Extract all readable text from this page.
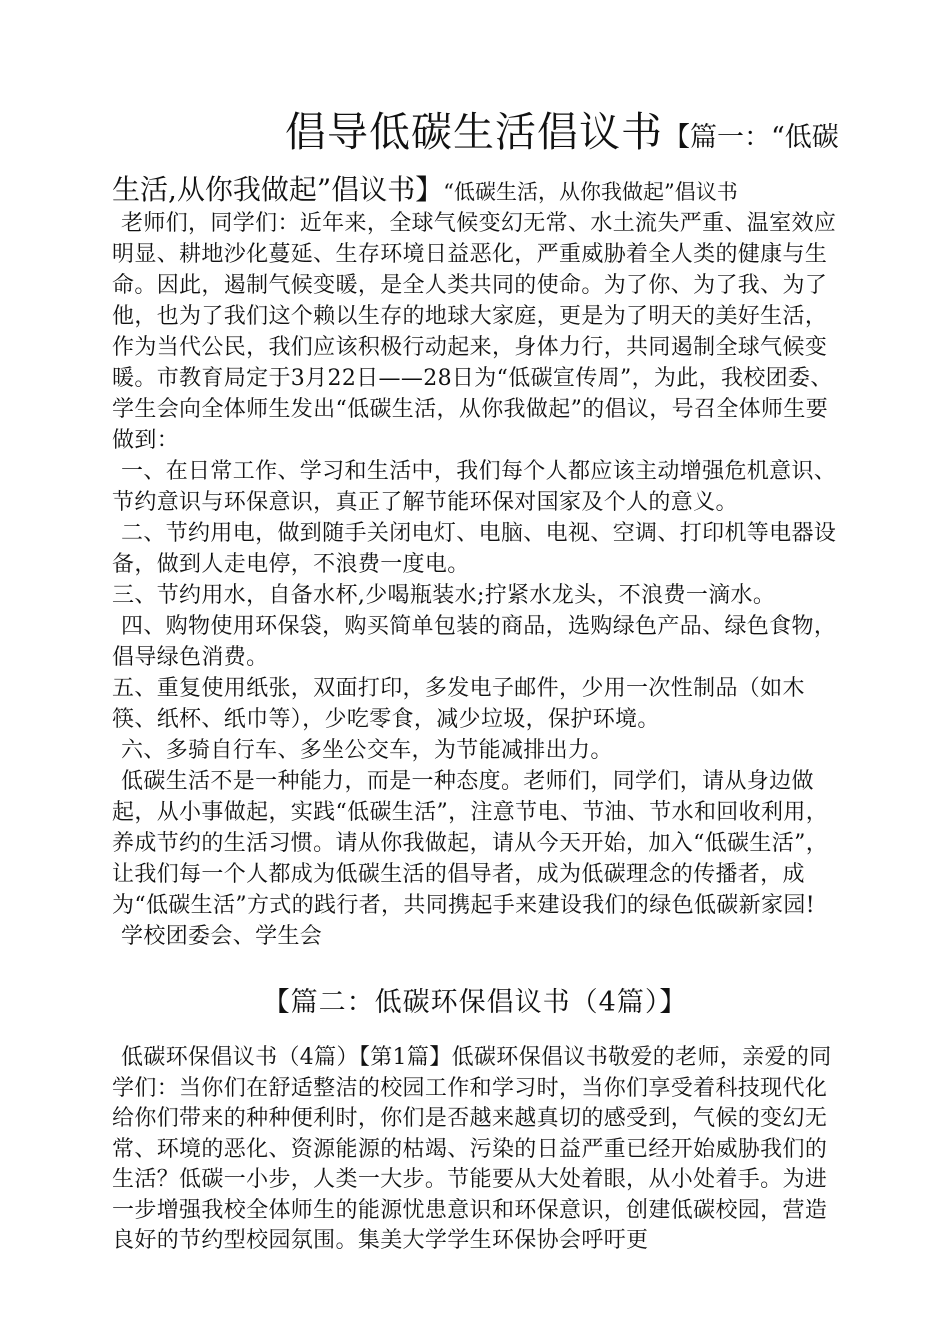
倡导低碳生活倡议书【篇一：“低碳
生活,从你我做起”倡议书】“低碳生活，从你我做起”倡议书

老师们，同学们：近年来，全球气候变幻无常、水土流失严重、温室效应明显、耕地沙化蔓延、生存环境日益恶化，严重威胁着全人类的健康与生命。因此，遏制气候变暖，是全人类共同的使命。为了你、为了我、为了他，也为了我们这个赖以生存的地球大家庭，更是为了明天的美好生活，作为当代公民，我们应该积极行动起来，身体力行，共同遏制全球气候变暖。市教育局定于3月22日——28日为“低碳宣传周”，为此，我校团委、学生会向全体师生发出“低碳生活，从你我做起”的倡议，号召全体师生要做到：

一、在日常工作、学习和生活中，我们每个人都应该主动增强危机意识、节约意识与环保意识，真正了解节能环保对国家及个人的意义。

二、节约用电，做到随手关闭电灯、电脑、电视、空调、打印机等电器设备，做到人走电停，不浪费一度电。

三、节约用水，自备水杯,少喝瓶装水;拧紧水龙头，不浪费一滴水。

四、购物使用环保袋，购买简单包装的商品，选购绿色产品、绿色食物，倡导绿色消费。

五、重复使用纸张，双面打印，多发电子邮件，少用一次性制品（如木筷、纸杯、纸巾等），少吃零食，减少垃圾，保护环境。

六、多骑自行车、多坐公交车，为节能减排出力。

低碳生活不是一种能力，而是一种态度。老师们，同学们，请从身边做起，从小事做起，实践“低碳生活”，注意节电、节油、节水和回收利用，养成节约的生活习惯。请从你我做起，请从今天开始，加入“低碳生活”，让我们每一个人都成为低碳生活的倡导者，成为低碳理念的传播者，成为“低碳生活”方式的践行者，共同携起手来建设我们的绿色低碳新家园!

学校团委会、学生会

【篇二：低碳环保倡议书（4篇）】

低碳环保倡议书（4篇）【第1篇】低碳环保倡议书敬爱的老师，亲爱的同学们：当你们在舒适整洁的校园工作和学习时，当你们享受着科技现代化给你们带来的种种便利时，你们是否越来越真切的感受到，气候的变幻无常、环境的恶化、资源能源的枯竭、污染的日益严重已经开始威胁我们的生活？低碳一小步，人类一大步。节能要从大处着眼，从小处着手。为进一步增强我校全体师生的能源忧患意识和环保意识，创建低碳校园，营造良好的节约型校园氛围。集美大学学生环保协会呼吁更
